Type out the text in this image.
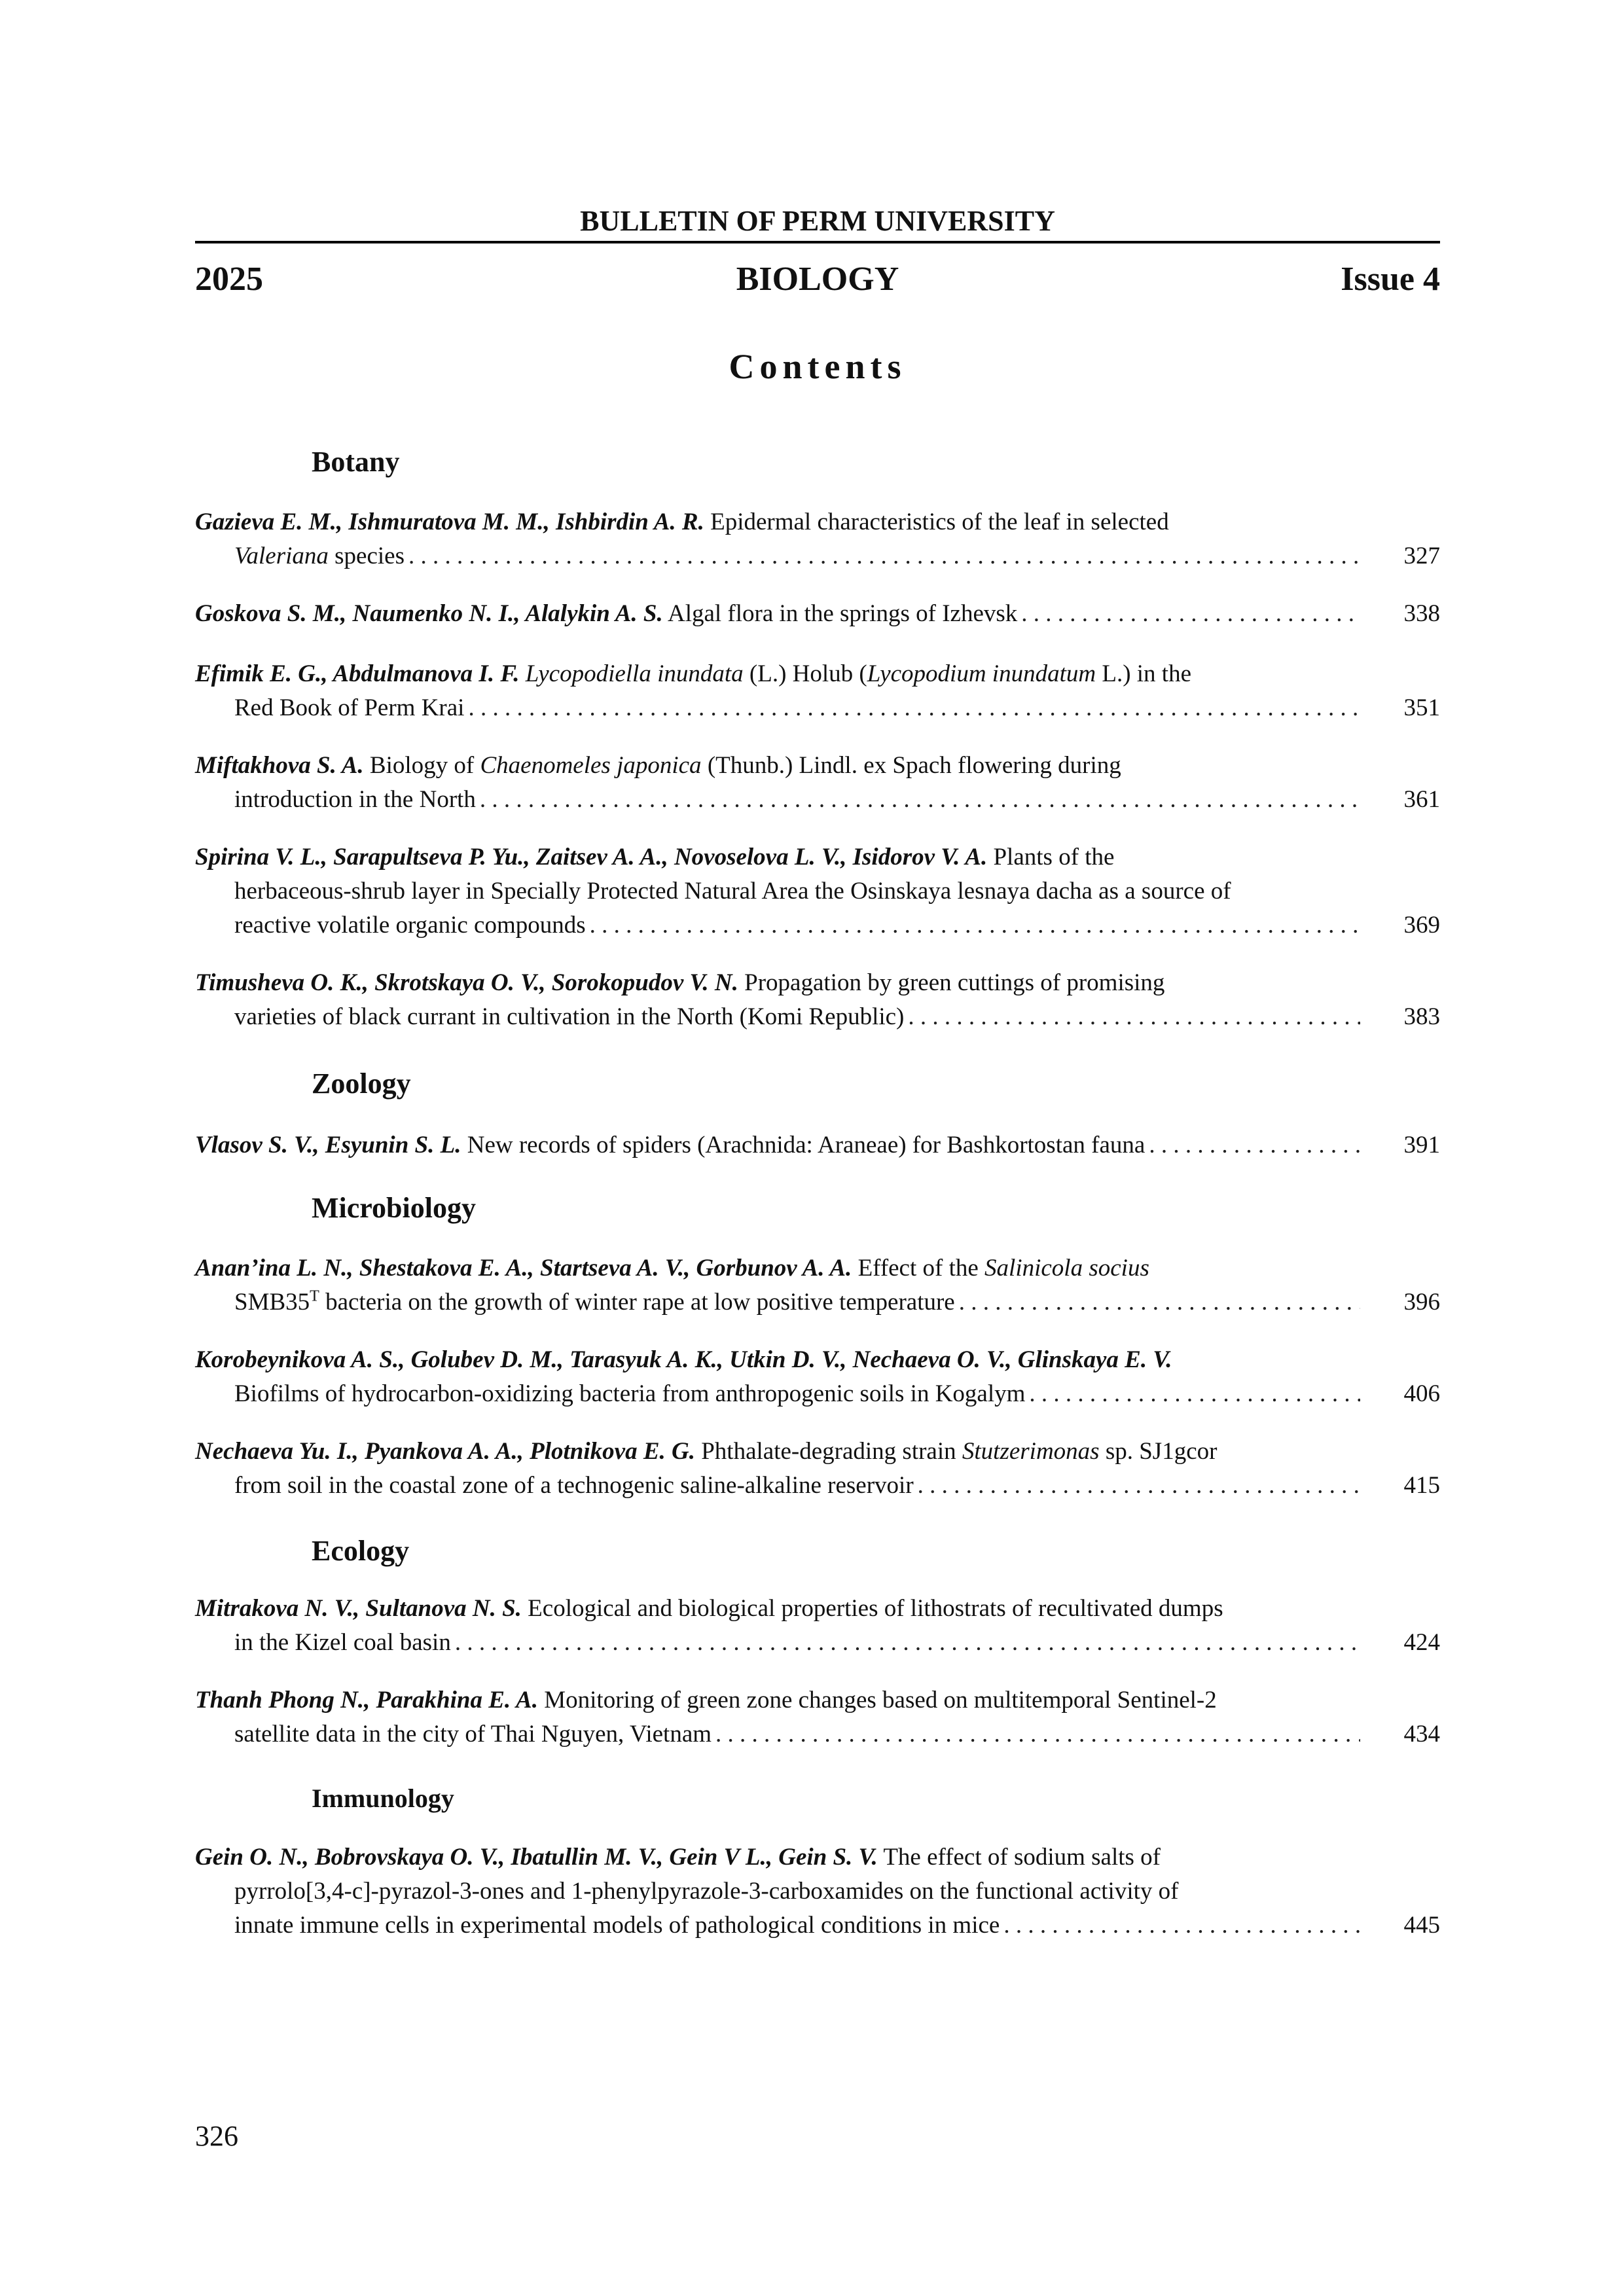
BULLETIN OF PERM UNIVERSITY
2025	BIOLOGY	Issue 4
Contents
Botany
Gazieva E. M., Ishmuratova M. M., Ishbirdin A. R. Epidermal characteristics of the leaf in selected
Valeriana species . . .	327
Goskova S. M., Naumenko N. I., Alalykin A. S. Algal flora in the springs of Izhevsk . . .	338
Efimik E. G., Abdulmanova I. F. Lycopodiella inundata (L.) Holub (Lycopodium inundatum L.) in the
Red Book of Perm Krai . . .	351
Miftakhova S. A. Biology of Chaenomeles japonica (Thunb.) Lindl. ex Spach flowering during
introduction in the North . . .	361
Spirina V. L., Sarapultseva P. Yu., Zaitsev A. A., Novoselova L. V., Isidorov V. A. Plants of the
herbaceous-shrub layer in Specially Protected Natural Area the Osinskaya lesnaya dacha as a source of
reactive volatile organic compounds . . .	369
Timusheva O. K., Skrotskaya O. V., Sorokopudov V. N. Propagation by green cuttings of promising
varieties of black currant in cultivation in the North (Komi Republic) . . .	383
Zoology
Vlasov S. V., Esyunin S. L. New records of spiders (Arachnida: Araneae) for Bashkortostan fauna . . .	391
Microbiology
Anan’ina L. N., Shestakova E. A., Startseva A. V., Gorbunov A. A. Effect of the Salinicola socius
$SMB35^T$ bacteria on the growth of winter rape at low positive temperature . . .	396
Korobeynikova A. S., Golubev D. M., Tarasyuk A. K., Utkin D. V., Nechaeva O. V., Glinskaya E. V.
Biofilms of hydrocarbon-oxidizing bacteria from anthropogenic soils in Kogalym . . .	406
Nechaeva Yu. I., Pyankova A. A., Plotnikova E. G. Phthalate-degrading strain Stutzerimonas sp. SJ1gcor
from soil in the coastal zone of a technogenic saline-alkaline reservoir . . .	415
Ecology
Mitrakova N. V., Sultanova N. S. Ecological and biological properties of lithostrats of recultivated dumps
in the Kizel coal basin . . .	424
Thanh Phong N., Parakhina E. A. Monitoring of green zone changes based on multitemporal Sentinel-2
satellite data in the city of Thai Nguyen, Vietnam . . .	434
Immunology
Gein O. N., Bobrovskaya O. V., Ibatullin M. V., Gein V L., Gein S. V. The effect of sodium salts of
pyrrolo[3,4-c]-pyrazol-3-ones and 1-phenylpyrazole-3-carboxamides on the functional activity of
innate immune cells in experimental models of pathological conditions in mice . . .	445
326
